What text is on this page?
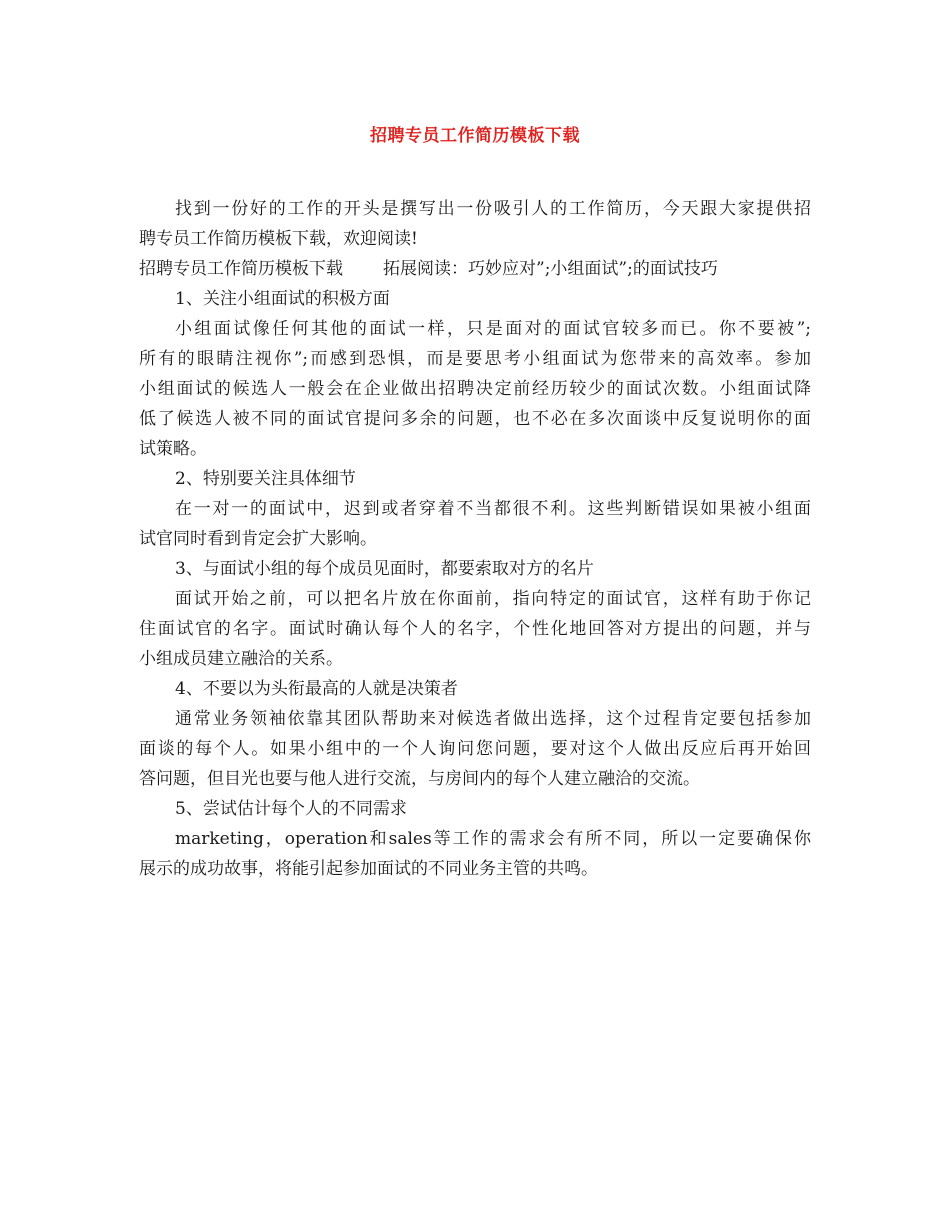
招聘专员工作简历模板下载
找到一份好的工作的开头是撰写出一份吸引人的工作简历，今天跟大家提供招
聘专员工作简历模板下载，欢迎阅读!
招聘专员工作简历模板下载 拓展阅读：巧妙应对”;小组面试”;的面试技巧
1、关注小组面试的积极方面
小组面试像任何其他的面试一样，只是面对的面试官较多而已。你不要被”;
所有的眼睛注视你”;而感到恐惧，而是要思考小组面试为您带来的高效率。参加
小组面试的候选人一般会在企业做出招聘决定前经历较少的面试次数。小组面试降
低了候选人被不同的面试官提问多余的问题，也不必在多次面谈中反复说明你的面
试策略。
2、特别要关注具体细节
在一对一的面试中，迟到或者穿着不当都很不利。这些判断错误如果被小组面
试官同时看到肯定会扩大影响。
3、与面试小组的每个成员见面时，都要索取对方的名片
面试开始之前，可以把名片放在你面前，指向特定的面试官，这样有助于你记
住面试官的名字。面试时确认每个人的名字，个性化地回答对方提出的问题，并与
小组成员建立融洽的关系。
4、不要以为头衔最高的人就是决策者
通常业务领袖依靠其团队帮助来对候选者做出选择，这个过程肯定要包括参加
面谈的每个人。如果小组中的一个人询问您问题，要对这个人做出反应后再开始回
答问题，但目光也要与他人进行交流，与房间内的每个人建立融洽的交流。
5、尝试估计每个人的不同需求
marketing，operation和sales等工作的需求会有所不同，所以一定要确保你
展示的成功故事，将能引起参加面试的不同业务主管的共鸣。
